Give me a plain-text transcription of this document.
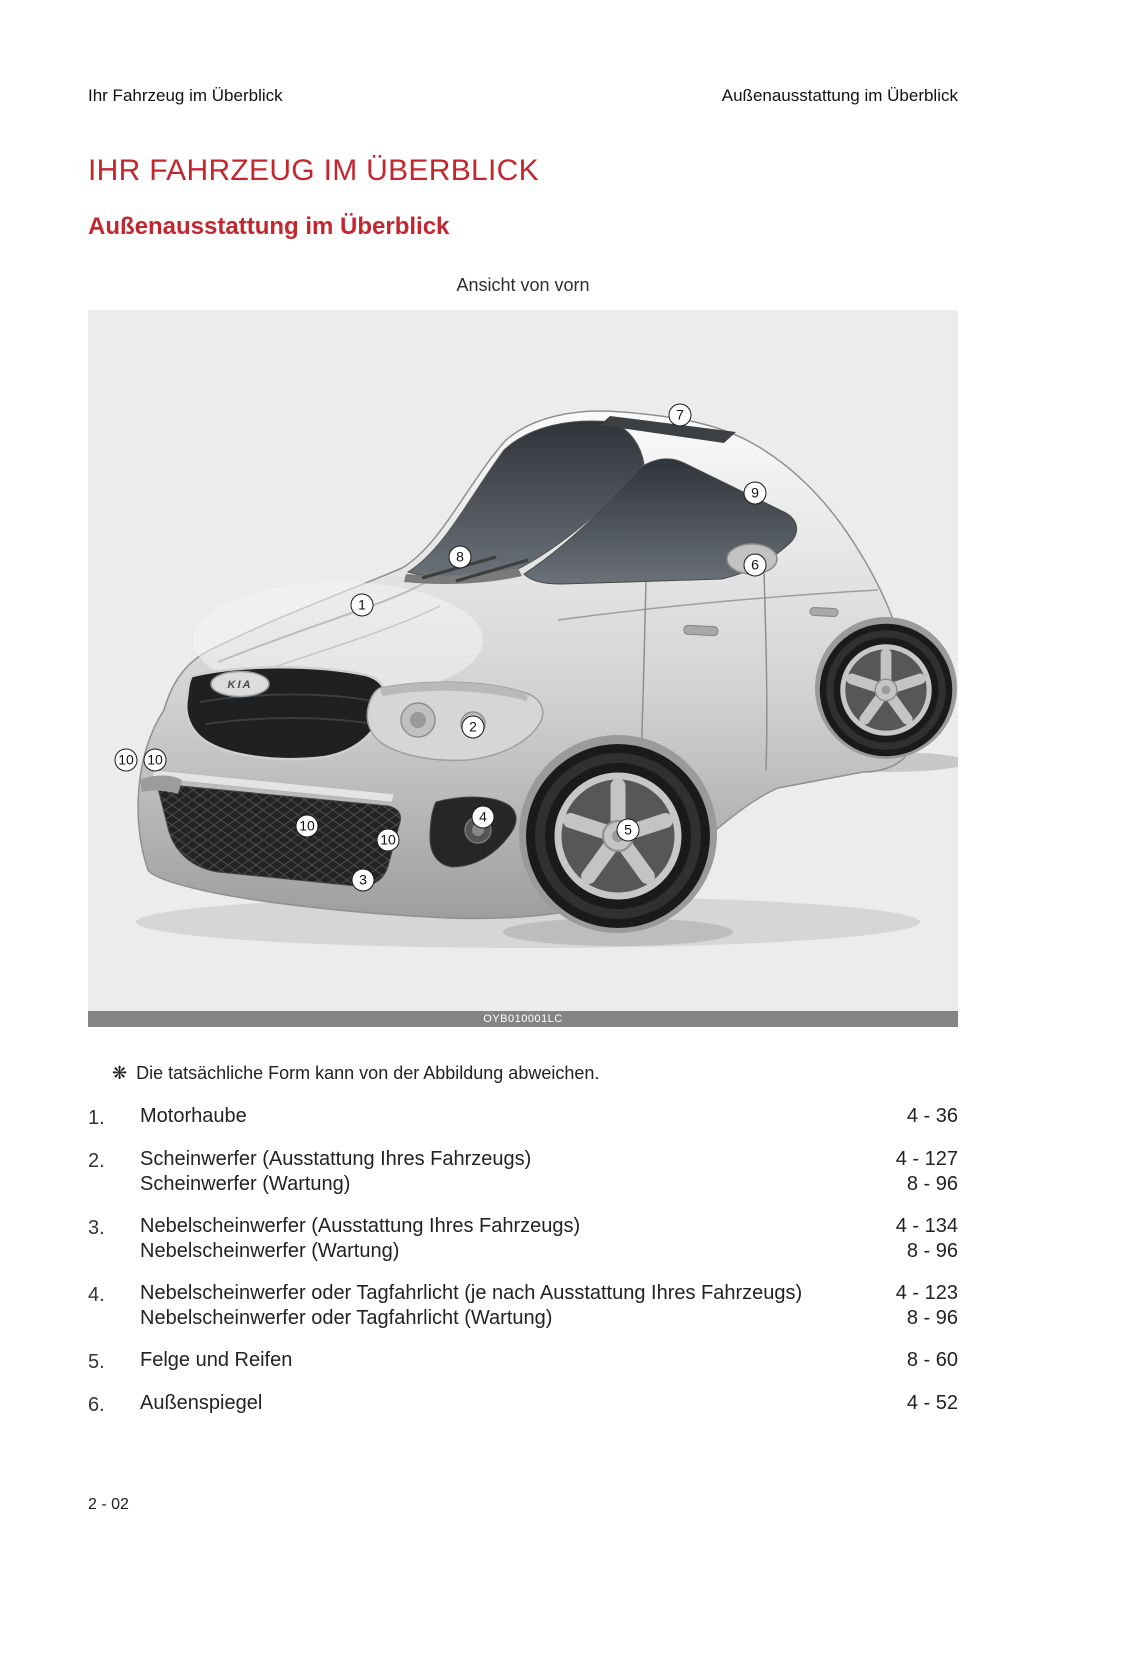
Ihr Fahrzeug im Überblick	Außenausstattung im Überblick
IHR FAHRZEUG IM ÜBERBLICK
Außenausstattung im Überblick
Ansicht von vorn
KIA
7
9
8	6
1
2
10 10
4
10	5
10
3
OYB010001LC
❋ Die tatsächliche Form kann von der Abbildung abweichen.
1.	Motorhaube	4 - 36
2.	Scheinwerfer (Ausstattung Ihres Fahrzeugs)	4 - 127
Scheinwerfer (Wartung)	8 - 96
3.	Nebelscheinwerfer (Ausstattung Ihres Fahrzeugs)	4 - 134
Nebelscheinwerfer (Wartung)	8 - 96
4.	Nebelscheinwerfer oder Tagfahrlicht (je nach Ausstattung Ihres Fahrzeugs)	4 - 123
Nebelscheinwerfer oder Tagfahrlicht (Wartung)	8 - 96
5.	Felge und Reifen	8 - 60
6.	Außenspiegel	4 - 52
2 - 02
